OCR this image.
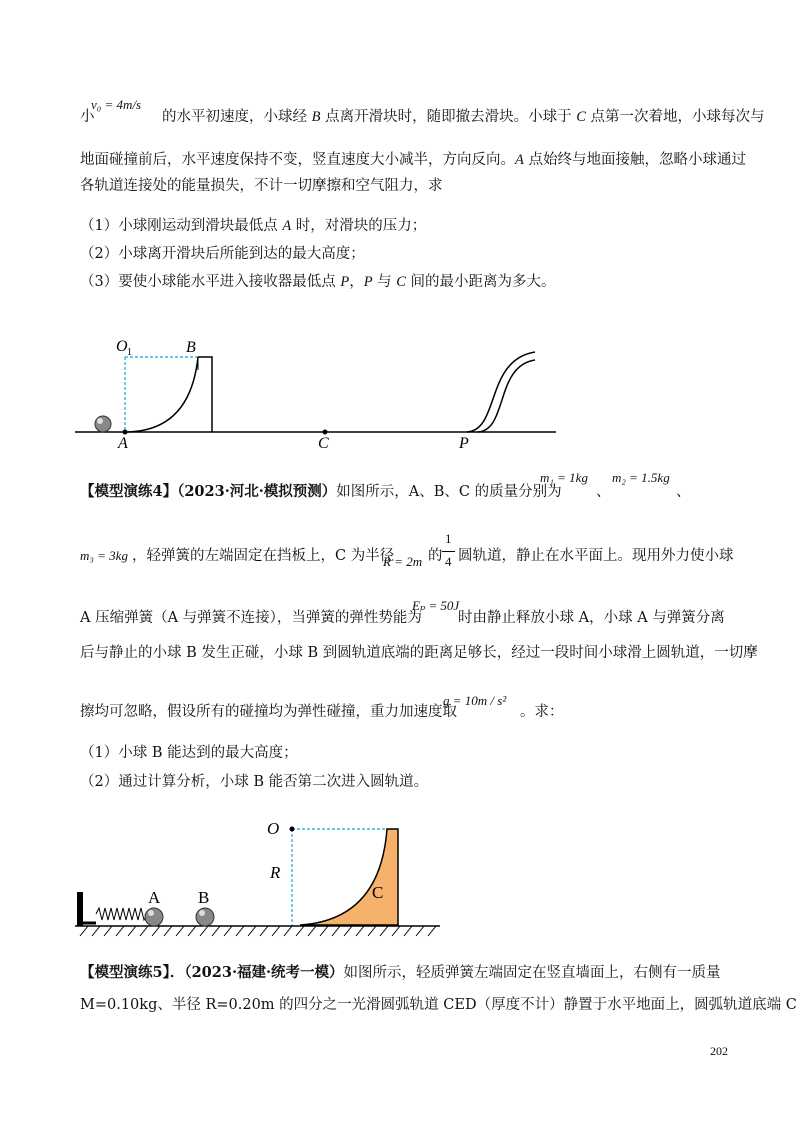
小
v₀ = 4m/s
的水平初速度，小球经 B 点离开滑块时，随即撤去滑块。小球于 C 点第一次着地，小球每次与
地面碰撞前后，水平速度保持不变，竖直速度大小减半，方向反向。A 点始终与地面接触，忽略小球通过
各轨道连接处的能量损失，不计一切摩擦和空气阻力，求
（1）小球刚运动到滑块最低点 A 时，对滑块的压力；
（2）小球离开滑块后所能到达的最大高度；
（3）要使小球能水平进入接收器最低点 P，P 与 C 间的最小距离为多大。
O 1	B
A	C	P
【模型演练4】（2023·河北·模拟预测）如图所示，A、B、C 的质量分别为
m₁ = 1kg
、
m₂ = 1.5kg
、
m₃ = 3kg ，轻弹簧的左端固定在挡板上，C 为半径
R = 2m 的
1
4 圆轨道，静止在水平面上。现用外力使小球
A 压缩弹簧（A 与弹簧不连接），当弹簧的弹性势能为
Eₚ = 50J
时由静止释放小球 A，小球 A 与弹簧分离
后与静止的小球 B 发生正碰，小球 B 到圆轨道底端的距离足够长，经过一段时间小球滑上圆轨道，一切摩
擦均可忽略，假设所有的碰撞均为弹性碰撞，重力加速度取
g = 10m / s²
。求：
（1）小球 B 能达到的最大高度；
（2）通过计算分析，小球 B 能否第二次进入圆轨道。
O
R
A B	C
【模型演练5】．（2023·福建·统考一模）如图所示，轻质弹簧左端固定在竖直墙面上，右侧有一质量
M=0.10kg、半径 R=0.20m 的四分之一光滑圆弧轨道 CED（厚度不计）静置于水平地面上，圆弧轨道底端 C
202
